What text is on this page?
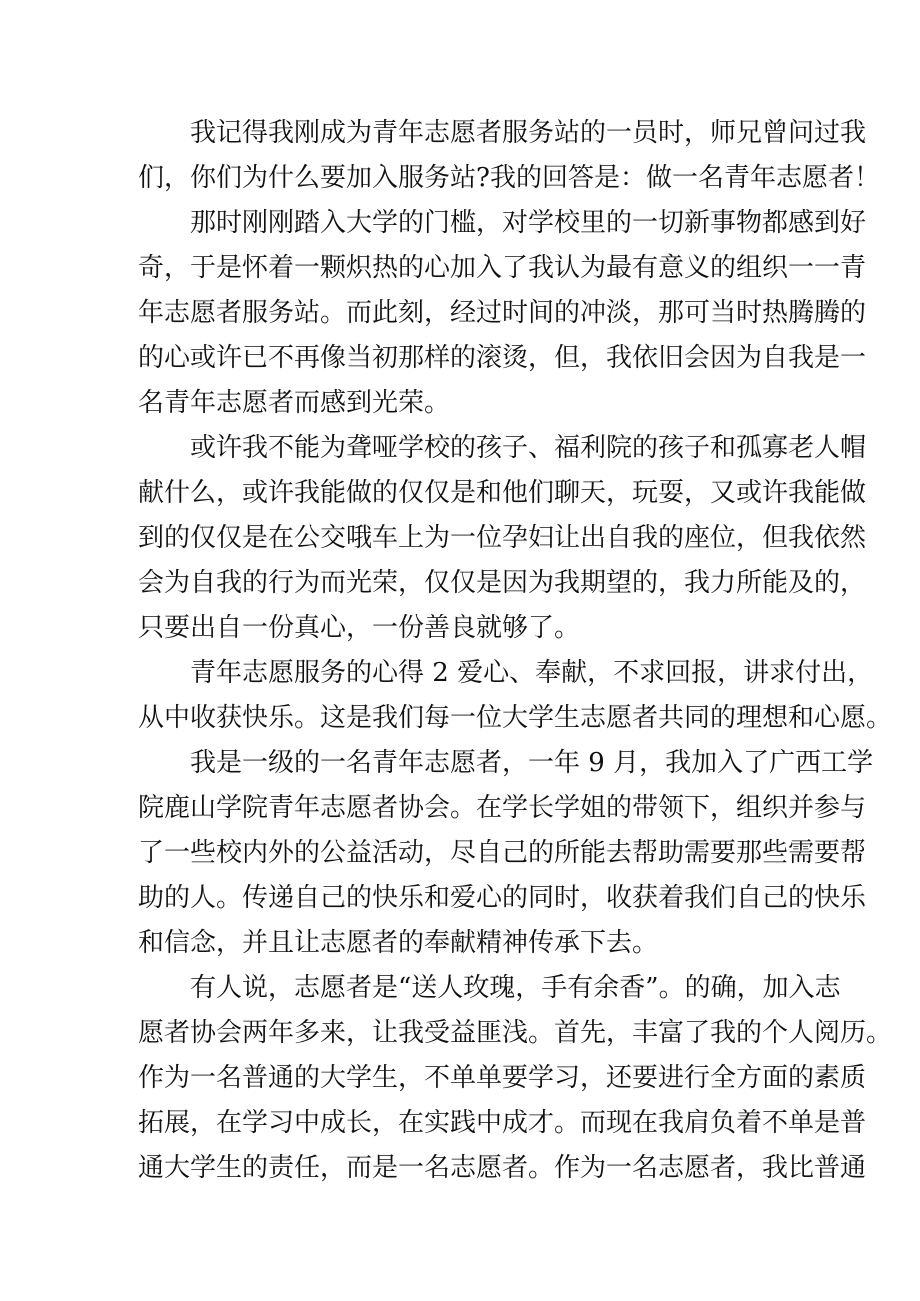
我记得我刚成为青年志愿者服务站的一员时，师兄曾问过我
们，你们为什么要加入服务站?我的回答是：做一名青年志愿者！
那时刚刚踏入大学的门槛，对学校里的一切新事物都感到好
奇，于是怀着一颗炽热的心加入了我认为最有意义的组织一一青
年志愿者服务站。而此刻，经过时间的冲淡，那可当时热腾腾的
的心或许已不再像当初那样的滚烫，但，我依旧会因为自我是一
名青年志愿者而感到光荣。
或许我不能为聋哑学校的孩子、福利院的孩子和孤寡老人帽
献什么，或许我能做的仅仅是和他们聊天，玩耍，又或许我能做
到的仅仅是在公交哦车上为一位孕妇让出自我的座位，但我依然
会为自我的行为而光荣，仅仅是因为我期望的，我力所能及的，
只要出自一份真心，一份善良就够了。
青年志愿服务的心得 2 爱心、奉献，不求回报，讲求付出，
从中收获快乐。这是我们每一位大学生志愿者共同的理想和心愿。
我是一级的一名青年志愿者，一年 9 月，我加入了广西工学
院鹿山学院青年志愿者协会。在学长学姐的带领下，组织并参与
了一些校内外的公益活动，尽自己的所能去帮助需要那些需要帮
助的人。传递自己的快乐和爱心的同时，收获着我们自己的快乐
和信念，并且让志愿者的奉献精神传承下去。
有人说，志愿者是“送人玫瑰，手有余香”。的确，加入志
愿者协会两年多来，让我受益匪浅。首先，丰富了我的个人阅历。
作为一名普通的大学生，不单单要学习，还要进行全方面的素质
拓展，在学习中成长，在实践中成才。而现在我肩负着不单是普
通大学生的责任，而是一名志愿者。作为一名志愿者，我比普通
